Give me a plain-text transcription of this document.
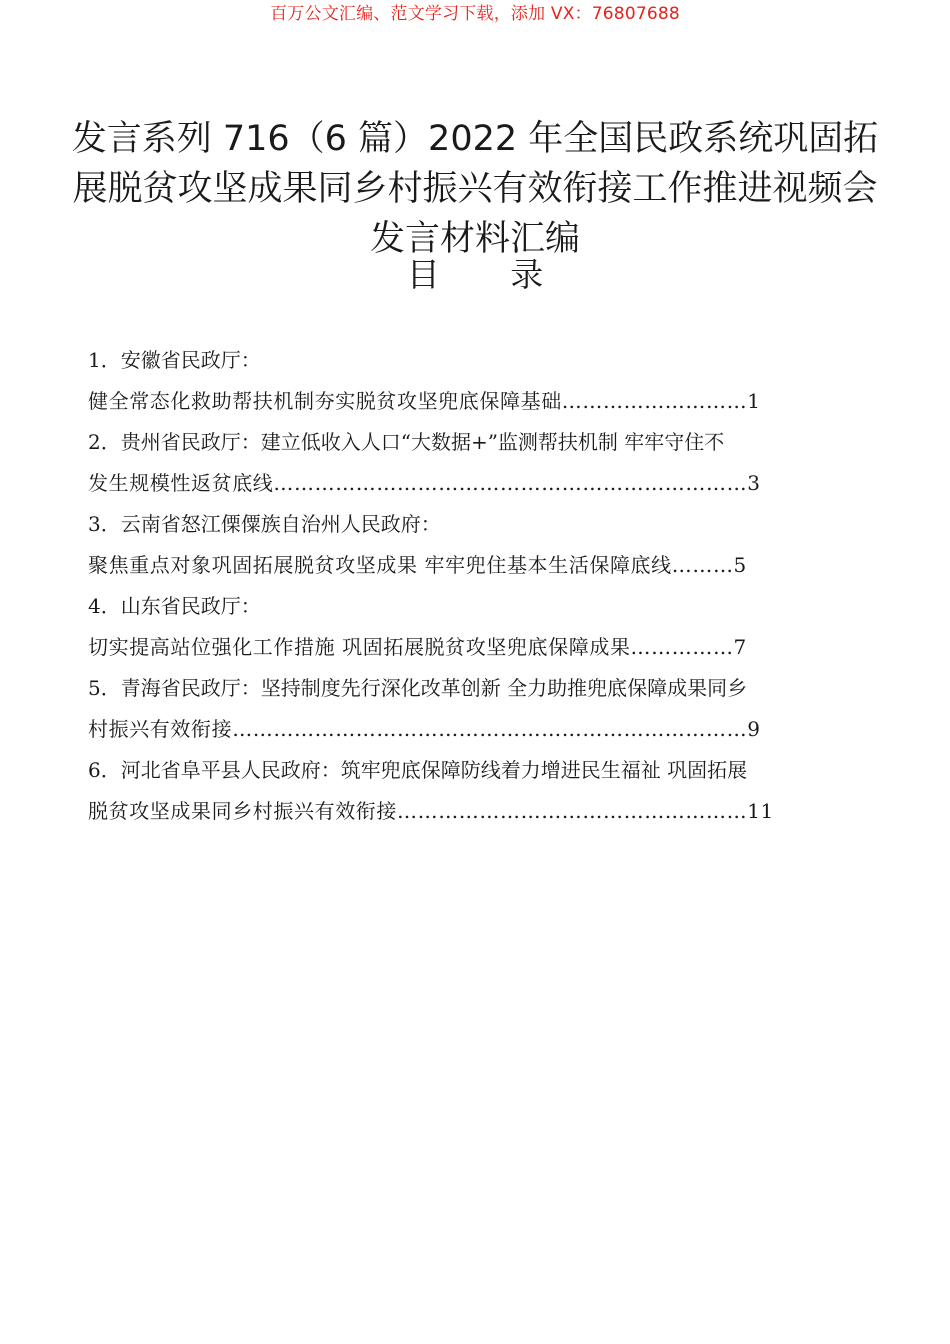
百万公文汇编、范文学习下载，添加 VX：76807688
发言系列 716（6 篇）2022 年全国民政系统巩固拓展脱贫攻坚成果同乡村振兴有效衔接工作推进视频会发言材料汇编
目 录
1．安徽省民政厅：
健全常态化救助帮扶机制夯实脱贫攻坚兜底保障基础………………………1
2．贵州省民政厅：建立低收入人口“大数据+”监测帮扶机制 牢牢守住不
发生规模性返贫底线……………………………………………………………3
3．云南省怒江傈僳族自治州人民政府：
聚焦重点对象巩固拓展脱贫攻坚成果 牢牢兜住基本生活保障底线………5
4．山东省民政厅：
切实提高站位强化工作措施 巩固拓展脱贫攻坚兜底保障成果……………7
5．青海省民政厅：坚持制度先行深化改革创新 全力助推兜底保障成果同乡
村振兴有效衔接…………………………………………………………………9
6．河北省阜平县人民政府：筑牢兜底保障防线着力增进民生福祉 巩固拓展
脱贫攻坚成果同乡村振兴有效衔接……………………………………………11
